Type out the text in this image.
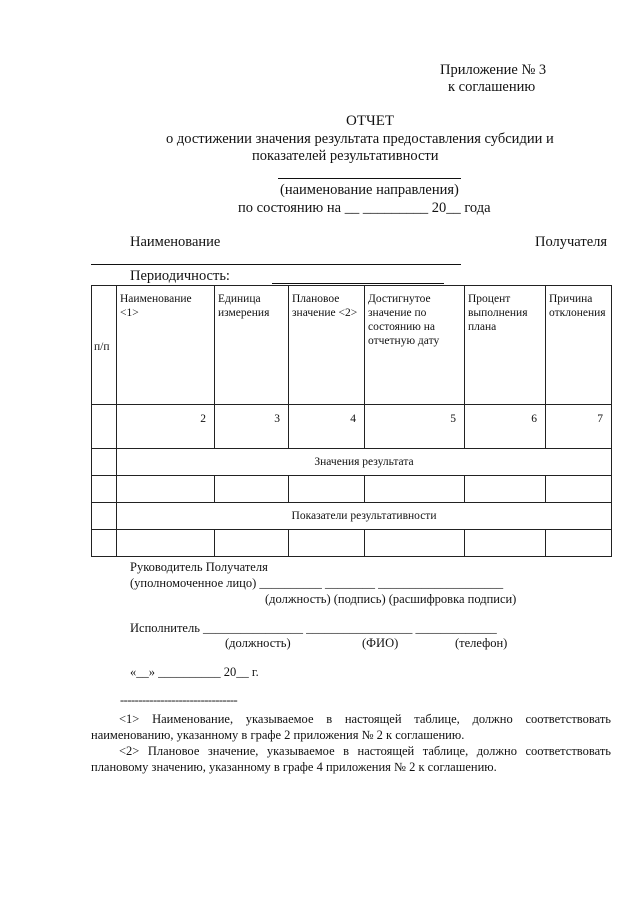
Приложение № 3
к соглашению
ОТЧЕТ
о достижении значения результата предоставления субсидии и
показателей результативности
(наименование направления)
по состоянию на __ _________ 20__ года
Наименование	Получателя
Периодичность:
п/п	Наименование <1>	Единица измерения	Плановое значение <2>	Достигнутое значение по состоянию на отчетную дату	Процент выполнения плана	Причина отклонения
	2	3	4	5	6	7
	Значения результата					

	Показатели результативности					

Руководитель Получателя
(уполномоченное лицо) __________ ________ ____________________
(должность) (подпись) (расшифровка подписи)
Исполнитель ________________ _________________ _____________
(должность)	(ФИО)	(телефон)
«__» __________ 20__ г.
--------------------------------
<1> Наименование, указываемое в настоящей таблице, должно соответствовать наименованию, указанному в графе 2 приложения № 2 к соглашению.
<2> Плановое значение, указываемое в настоящей таблице, должно соответствовать плановому значению, указанному в графе 4 приложения № 2 к соглашению.
